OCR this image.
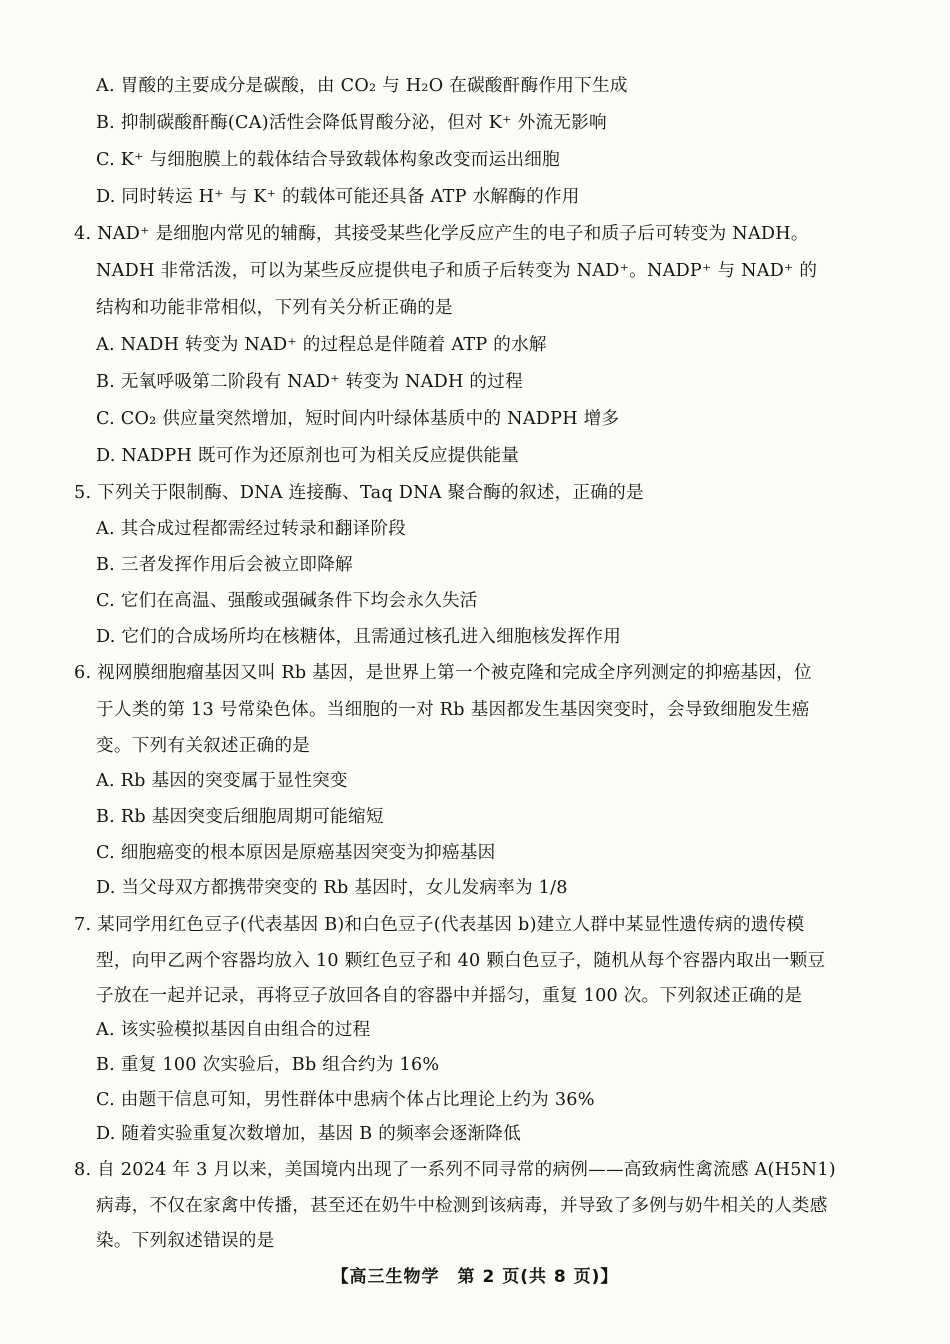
A. 胃酸的主要成分是碳酸，由 CO₂ 与 H₂O 在碳酸酐酶作用下生成
B. 抑制碳酸酐酶(CA)活性会降低胃酸分泌，但对 K⁺ 外流无影响
C. K⁺ 与细胞膜上的载体结合导致载体构象改变而运出细胞
D. 同时转运 H⁺ 与 K⁺ 的载体可能还具备 ATP 水解酶的作用
4. NAD⁺ 是细胞内常见的辅酶，其接受某些化学反应产生的电子和质子后可转变为 NADH。
NADH 非常活泼，可以为某些反应提供电子和质子后转变为 NAD⁺。NADP⁺ 与 NAD⁺ 的
结构和功能非常相似，下列有关分析正确的是
A. NADH 转变为 NAD⁺ 的过程总是伴随着 ATP 的水解
B. 无氧呼吸第二阶段有 NAD⁺ 转变为 NADH 的过程
C. CO₂ 供应量突然增加，短时间内叶绿体基质中的 NADPH 增多
D. NADPH 既可作为还原剂也可为相关反应提供能量
5. 下列关于限制酶、DNA 连接酶、Taq DNA 聚合酶的叙述，正确的是
A. 其合成过程都需经过转录和翻译阶段
B. 三者发挥作用后会被立即降解
C. 它们在高温、强酸或强碱条件下均会永久失活
D. 它们的合成场所均在核糖体，且需通过核孔进入细胞核发挥作用
6. 视网膜细胞瘤基因又叫 Rb 基因，是世界上第一个被克隆和完成全序列测定的抑癌基因，位
于人类的第 13 号常染色体。当细胞的一对 Rb 基因都发生基因突变时，会导致细胞发生癌
变。下列有关叙述正确的是
A. Rb 基因的突变属于显性突变
B. Rb 基因突变后细胞周期可能缩短
C. 细胞癌变的根本原因是原癌基因突变为抑癌基因
D. 当父母双方都携带突变的 Rb 基因时，女儿发病率为 1/8
7. 某同学用红色豆子(代表基因 B)和白色豆子(代表基因 b)建立人群中某显性遗传病的遗传模
型，向甲乙两个容器均放入 10 颗红色豆子和 40 颗白色豆子，随机从每个容器内取出一颗豆
子放在一起并记录，再将豆子放回各自的容器中并摇匀，重复 100 次。下列叙述正确的是
A. 该实验模拟基因自由组合的过程
B. 重复 100 次实验后，Bb 组合约为 16%
C. 由题干信息可知，男性群体中患病个体占比理论上约为 36%
D. 随着实验重复次数增加，基因 B 的频率会逐渐降低
8. 自 2024 年 3 月以来，美国境内出现了一系列不同寻常的病例——高致病性禽流感 A(H5N1)
病毒，不仅在家禽中传播，甚至还在奶牛中检测到该病毒，并导致了多例与奶牛相关的人类感
染。下列叙述错误的是
【高三生物学　第 2 页(共 8 页)】
